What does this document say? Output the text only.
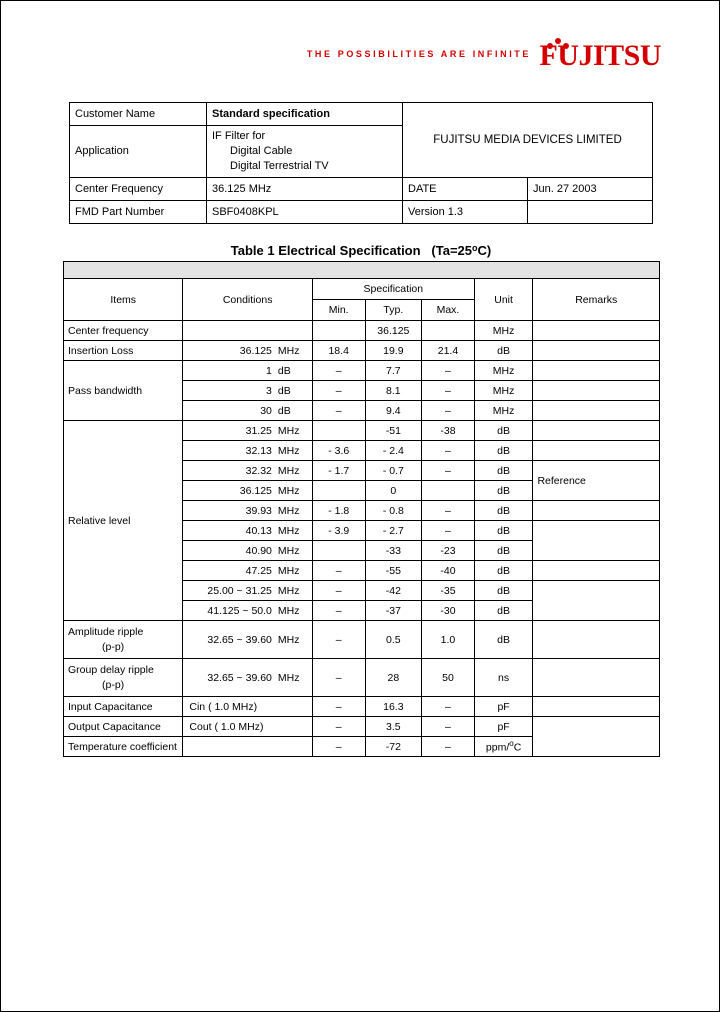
THE POSSIBILITIES ARE INFINITE FUJITSU
Customer Name	Standard specification	FUJITSU MEDIA DEVICES LIMITED
Application	IF Filter for
Digital Cable
Digital Terrestrial TV

Center Frequency	36.125 MHz		DATE	Jun. 27 2003

FMD Part Number	SBF0408KPL		Version 1.3	
Table 1 Electrical Specification $(Ta=25^oC)$

Items	Conditions	Specification			Unit	Remarks
		Min.	Typ.	Max.		
Center frequency			36.125		MHz	
Insertion Loss	36.125 MHz	18.4	19.9	21.4	dB	
Pass bandwidth	1 dB	–	7.7	–	MHz	
	3 dB	–	8.1	–	MHz	
	30 dB	–	9.4	–	MHz	
Relative level	31.25 MHz		-51	-38	dB	
	32.13 MHz	- 3.6	- 2.4	–	dB	
	32.32 MHz	- 1.7	- 0.7	–	dB	Reference
	36.125 MHz		0		dB	
	39.93 MHz	- 1.8	- 0.8	–	dB	
	40.13 MHz	- 3.9	- 2.7	–	dB	
	40.90 MHz		-33	-23	dB	
	47.25 MHz	–	-55	-40	dB	
	25.00 ~ 31.25 MHz	–	-42	-35	dB	
	41.125 ~ 50.0 MHz	–	-37	-30	dB	
Amplitude ripple
(p-p)	32.65 ~ 39.60 MHz	–	0.5	1.0	dB	
Group delay ripple
(p-p)	32.65 ~ 39.60 MHz	–	28	50	ns	
Input Capacitance	Cin ( 1.0 MHz)	–	16.3	–	pF	
Output Capacitance	Cout ( 1.0 MHz)	–	3.5	–	pF	
Temperature coefficient		–	-72	–	ppm/$^o$C	
